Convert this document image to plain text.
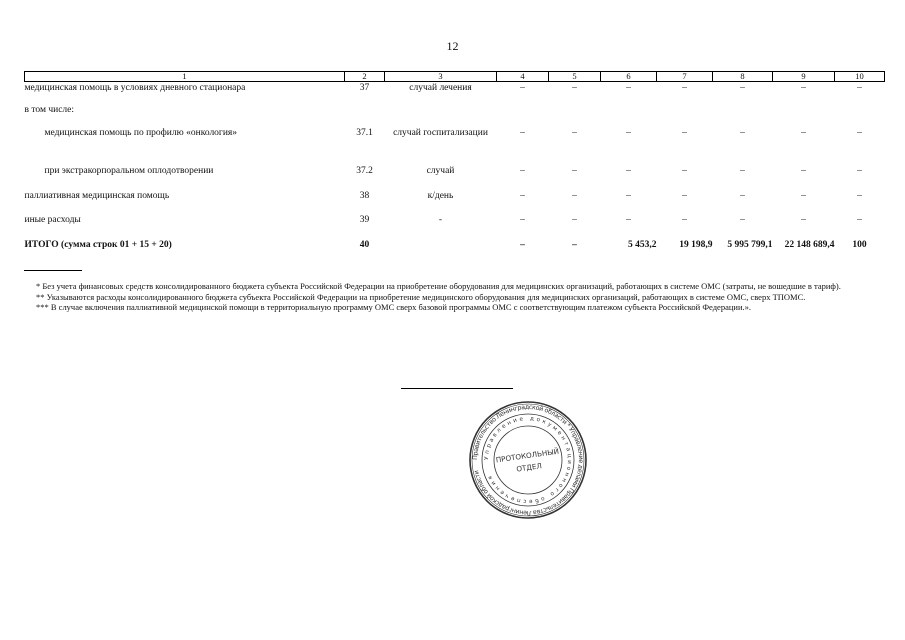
12
1	2	3	4	5	6	7	8	9	10
медицинская помощь в условиях дневного стационара	37	случай лечения	–	–	–	–	–	–	–
в том числе:									
медицинская помощь по профилю «онкология»	37.1	случай госпитализации	–	–	–	–	–	–	–
при экстракорпоральном оплодотворении	37.2	случай	–	–	–	–	–	–	–
паллиативная медицинская помощь	38	к/день	–	–	–	–	–	–	–
иные расходы	39	-	–	–	–	–	–	–	–
ИТОГО (сумма строк 01 + 15 + 20)	40		–	–	5 453,2	19 198,9	5 995 799,1	22 148 689,4	100

* Без учета финансовых средств консолидированного бюджета субъекта Российской Федерации на приобретение оборудования для медицинских организаций, работающих в системе ОМС (затраты, не вошедшие в тариф).

** Указываются расходы консолидированного бюджета субъекта Российской Федерации на приобретение медицинского оборудования для медицинских организаций, работающих в системе ОМС, сверх ТПОМС.

*** В случае включения паллиативной медицинской помощи в территориальную программу ОМС сверх базовой программы ОМС с соответствующим платежом субъекта Российской Федерации.».

Правительство Ленинградской области * Управление делами Правительства Ленинградской области
Управление документационного обеспечения
ПРОТОКОЛЬНЫЙ
ОТДЕЛ
